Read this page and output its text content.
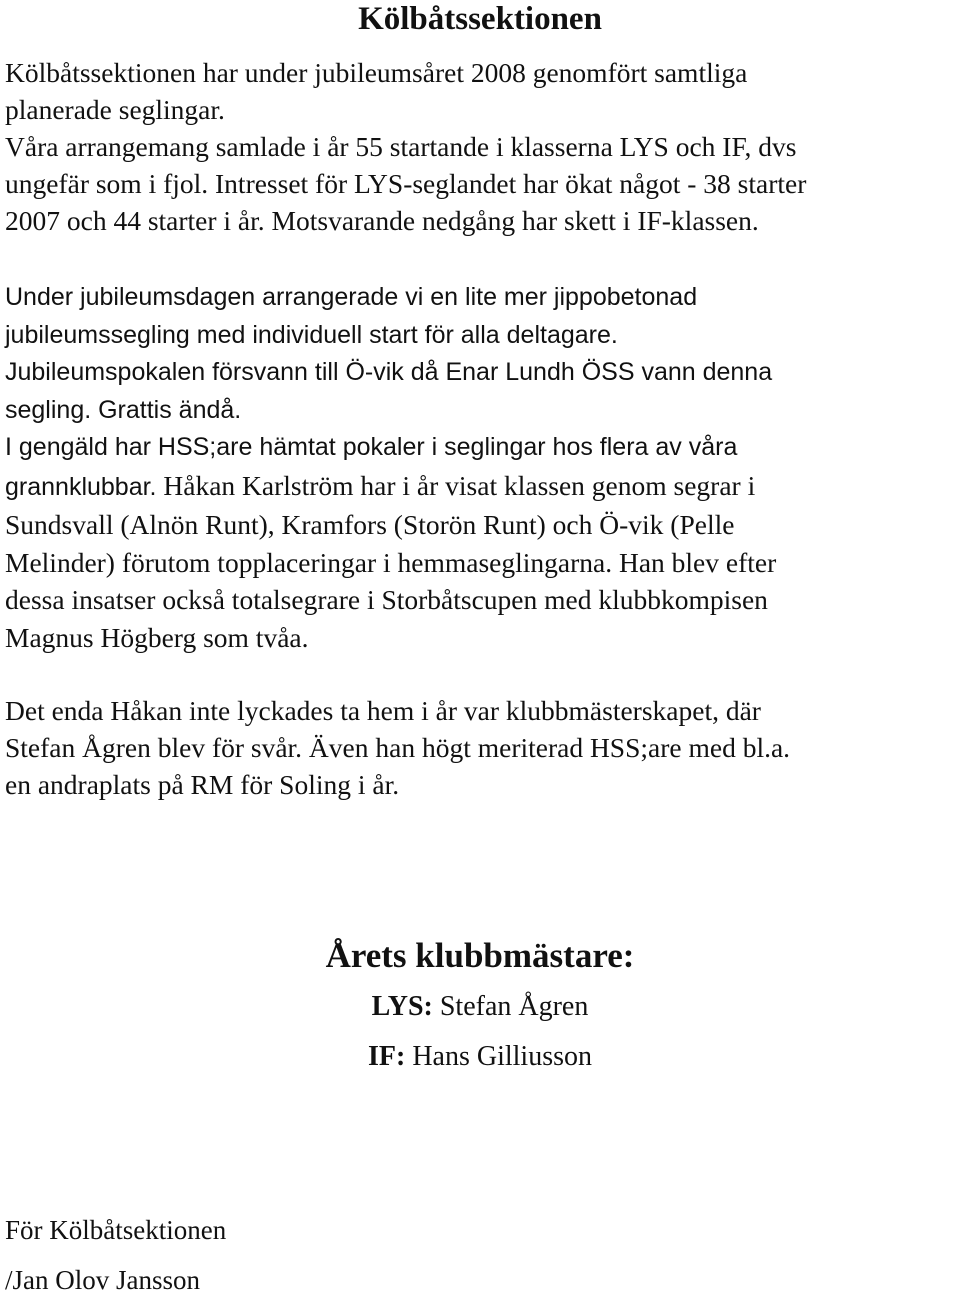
Kölbåtssektionen

Kölbåtssektionen har under jubileumsåret 2008 genomfört samtliga
planerade seglingar.
Våra arrangemang samlade i år 55 startande i klasserna LYS och IF, dvs
ungefär som i fjol. Intresset för LYS-seglandet har ökat något - 38 starter
2007 och 44 starter i år. Motsvarande nedgång har skett i IF-klassen.

Under jubileumsdagen arrangerade vi en lite mer jippobetonad
jubileumssegling med individuell start för alla deltagare.
Jubileumspokalen försvann till Ö-vik då Enar Lundh ÖSS vann denna
segling. Grattis ändå.
I gengäld har HSS;are hämtat pokaler i seglingar hos flera av våra
grannklubbar. Håkan Karlström har i år visat klassen genom segrar i
Sundsvall (Alnön Runt), Kramfors (Storön Runt) och Ö-vik (Pelle
Melinder) förutom topplaceringar i hemmaseglingarna. Han blev efter
dessa insatser också totalsegrare i Storbåtscupen med klubbkompisen
Magnus Högberg som tvåa.

Det enda Håkan inte lyckades ta hem i år var klubbmästerskapet, där
Stefan Ågren blev för svår. Även han högt meriterad HSS;are med bl.a.
en andraplats på RM för Soling i år.

Årets klubbmästare:
LYS: Stefan Ågren
IF: Hans Gilliusson
För Kölbåtsektionen
/Jan Olov Jansson
